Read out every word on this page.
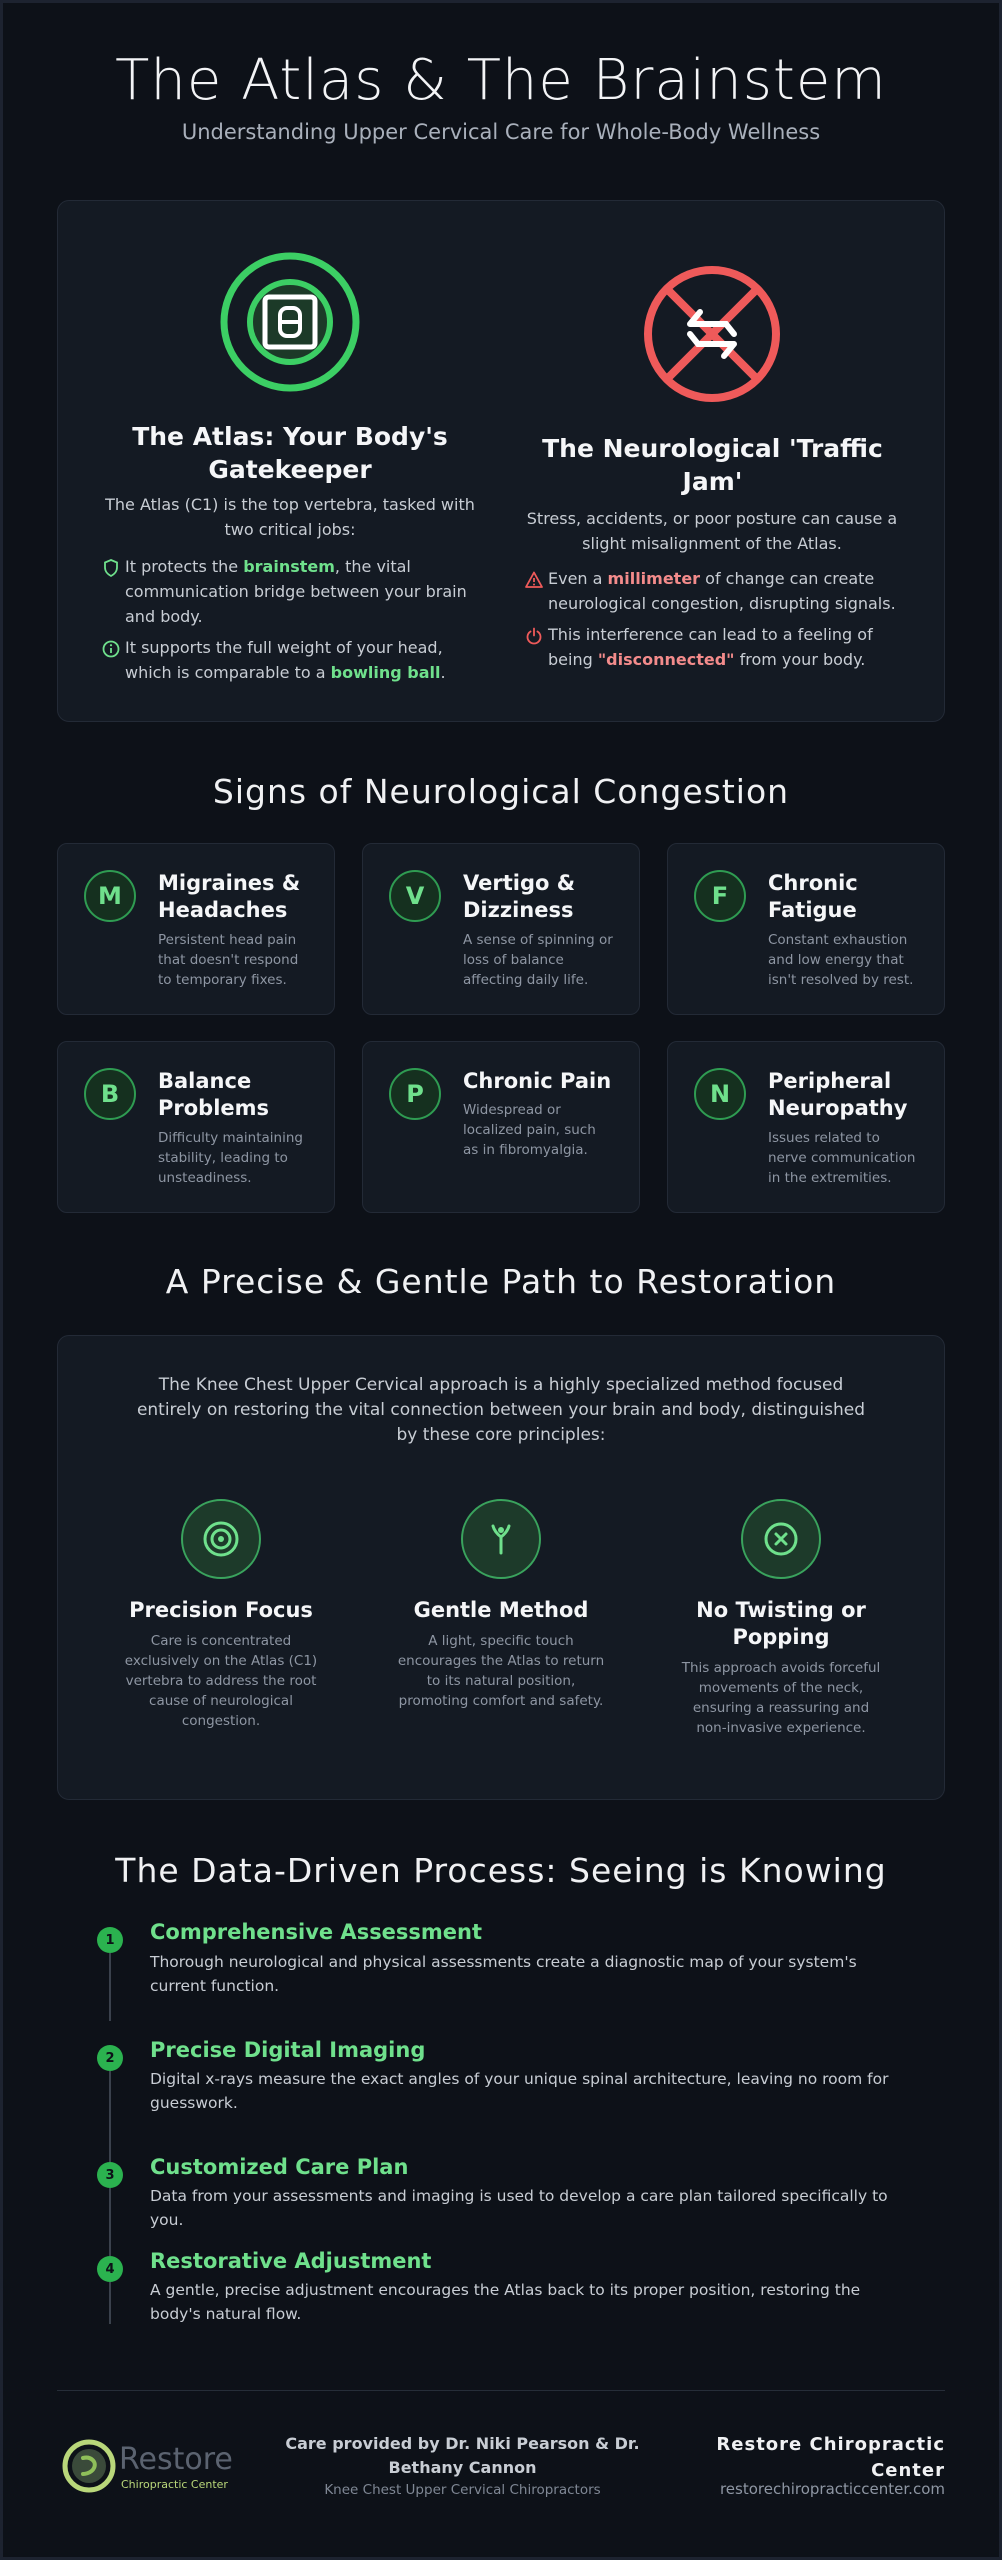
The Atlas & The Brainstem
Understanding Upper Cervical Care for Whole-Body Wellness
The Atlas: Your Body's Gatekeeper
The Atlas (C1) is the top vertebra, tasked with two critical jobs:
It protects the brainstem, the vital communication bridge between your brain and body.
It supports the full weight of your head, which is comparable to a bowling ball.
The Neurological 'Traffic Jam'
Stress, accidents, or poor posture can cause a slight misalignment of the Atlas.
Even a millimeter of change can create neurological congestion, disrupting signals.
This interference can lead to a feeling of being "disconnected" from your body.
Signs of Neurological Congestion
M	Migraines & Headaches
Persistent head pain that doesn't respond to temporary fixes.
V	Vertigo & Dizziness
A sense of spinning or loss of balance affecting daily life.
F	Chronic Fatigue
Constant exhaustion and low energy that isn't resolved by rest.
B	Balance Problems
Difficulty maintaining stability, leading to unsteadiness.
P	Chronic Pain
Widespread or localized pain, such as in fibromyalgia.
N	Peripheral Neuropathy
Issues related to nerve communication in the extremities.
A Precise & Gentle Path to Restoration
The Knee Chest Upper Cervical approach is a highly specialized method focused entirely on restoring the vital connection between your brain and body, distinguished by these core principles:
Precision Focus
Care is concentrated exclusively on the Atlas (C1) vertebra to address the root cause of neurological congestion.
Gentle Method
A light, specific touch encourages the Atlas to return to its natural position, promoting comfort and safety.
No Twisting or Popping
This approach avoids forceful movements of the neck, ensuring a reassuring and non-invasive experience.
The Data-Driven Process: Seeing is Knowing
1	Comprehensive Assessment
Thorough neurological and physical assessments create a diagnostic map of your system's current function.
2	Precise Digital Imaging
Digital x-rays measure the exact angles of your unique spinal architecture, leaving no room for guesswork.
3	Customized Care Plan
Data from your assessments and imaging is used to develop a care plan tailored specifically to you.
4	Restorative Adjustment
A gentle, precise adjustment encourages the Atlas back to its proper position, restoring the body's natural flow.
Restore
Chiropractic Center
Care provided by Dr. Niki Pearson & Dr. Bethany Cannon
Knee Chest Upper Cervical Chiropractors
Restore Chiropractic Center
restorechiropracticcenter.com
